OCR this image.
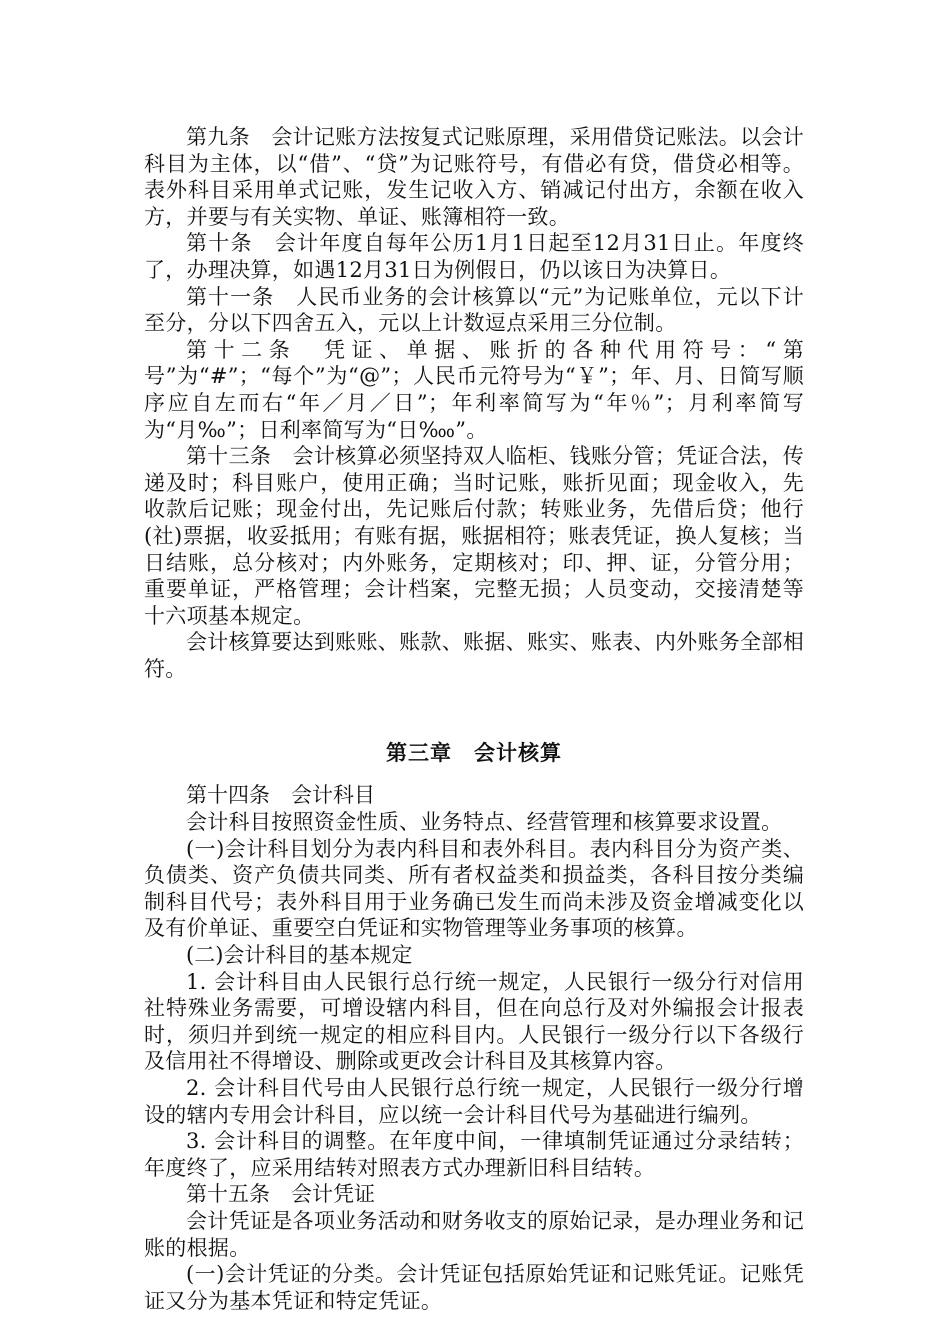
第九条　会计记账方法按复式记账原理，采用借贷记账法。以会计科目为主体，以“借”、“贷”为记账符号，有借必有贷，借贷必相等。表外科目采用单式记账，发生记收入方、销减记付出方，余额在收入方，并要与有关实物、单证、账簿相符一致。

第十条　会计年度自每年公历1月1日起至12月31日止。年度终了，办理决算，如遇12月31日为例假日，仍以该日为决算日。

第十一条　人民币业务的会计核算以“元”为记账单位，元以下计至分，分以下四舍五入，元以上计数逗点采用三分位制。

第十二条　凭证、单据、账折的各种代用符号：“第号”为“#”；“每个”为“@”；人民币元符号为“￥”；年、月、日简写顺序应自左而右“年／月／日”；年利率简写为“年％”；月利率简写为“月‰”；日利率简写为“日‱”。

第十三条　会计核算必须坚持双人临柜、钱账分管；凭证合法，传递及时；科目账户，使用正确；当时记账，账折见面；现金收入，先收款后记账；现金付出，先记账后付款；转账业务，先借后贷；他行(社)票据，收妥抵用；有账有据，账据相符；账表凭证，换人复核；当日结账，总分核对；内外账务，定期核对；印、押、证，分管分用；重要单证，严格管理；会计档案，完整无损；人员变动，交接清楚等十六项基本规定。

会计核算要达到账账、账款、账据、账实、账表、内外账务全部相符。

第三章　会计核算

第十四条　会计科目

会计科目按照资金性质、业务特点、经营管理和核算要求设置。

(一)会计科目划分为表内科目和表外科目。表内科目分为资产类、负债类、资产负债共同类、所有者权益类和损益类，各科目按分类编制科目代号；表外科目用于业务确已发生而尚未涉及资金增减变化以及有价单证、重要空白凭证和实物管理等业务事项的核算。

(二)会计科目的基本规定

1. 会计科目由人民银行总行统一规定，人民银行一级分行对信用社特殊业务需要，可增设辖内科目，但在向总行及对外编报会计报表时，须归并到统一规定的相应科目内。人民银行一级分行以下各级行及信用社不得增设、删除或更改会计科目及其核算内容。

2. 会计科目代号由人民银行总行统一规定，人民银行一级分行增设的辖内专用会计科目，应以统一会计科目代号为基础进行编列。

3. 会计科目的调整。在年度中间，一律填制凭证通过分录结转；年度终了，应采用结转对照表方式办理新旧科目结转。

第十五条　会计凭证

会计凭证是各项业务活动和财务收支的原始记录，是办理业务和记账的根据。

(一)会计凭证的分类。会计凭证包括原始凭证和记账凭证。记账凭证又分为基本凭证和特定凭证。
